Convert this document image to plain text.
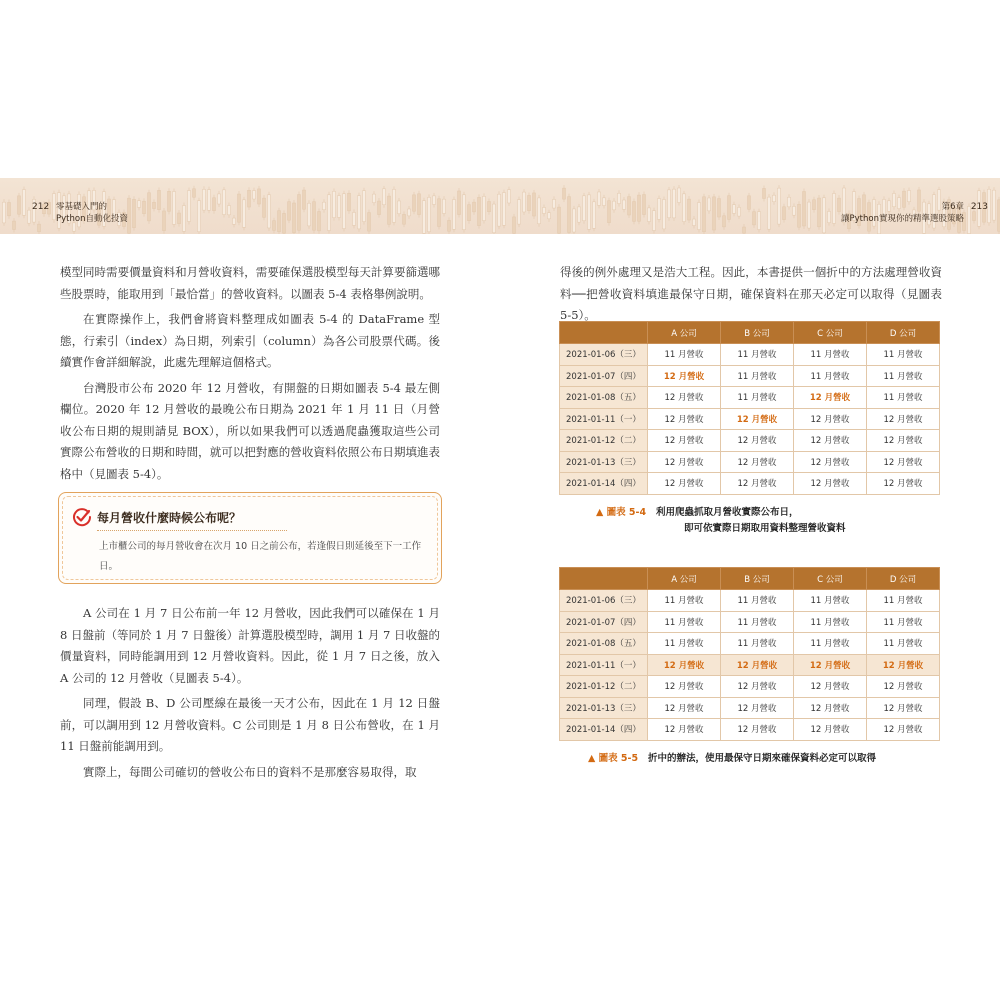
212 零基礎入門的
Python自動化投資
213
第6章
讓Python實現你的精準選股策略

模型同時需要價量資料和月營收資料，需要確保選股模型每天計算要篩選哪些股票時，能取用到「最恰當」的營收資料。以圖表 5-4 表格舉例說明。

在實際操作上，我們會將資料整理成如圖表 5-4 的 DataFrame 型態，行索引（index）為日期，列索引（column）為各公司股票代碼。後續實作會詳細解說，此處先理解這個格式。

台灣股市公布 2020 年 12 月營收，有開盤的日期如圖表 5-4 最左側欄位。2020 年 12 月營收的最晚公布日期為 2021 年 1 月 11 日（月營收公布日期的規則請見 BOX），所以如果我們可以透過爬蟲獲取這些公司實際公布營收的日期和時間，就可以把對應的營收資料依照公布日期填進表格中（見圖表 5-4）。

每月營收什麼時候公布呢？
上市櫃公司的每月營收會在次月 10 日之前公布，若逢假日則延後至下一工作日。

A 公司在 1 月 7 日公布前一年 12 月營收，因此我們可以確保在 1 月 8 日盤前（等同於 1 月 7 日盤後）計算選股模型時，調用 1 月 7 日收盤的價量資料，同時能調用到 12 月營收資料。因此，從 1 月 7 日之後，放入 A 公司的 12 月營收（見圖表 5-4）。

同理，假設 B、D 公司壓線在最後一天才公布，因此在 1 月 12 日盤前，可以調用到 12 月營收資料。C 公司則是 1 月 8 日公布營收，在 1 月 11 日盤前能調用到。

實際上，每間公司確切的營收公布日的資料不是那麼容易取得，取

得後的例外處理又是浩大工程。因此，本書提供一個折中的方法處理營收資料──把營收資料填進最保守日期，確保資料在那天必定可以取得（見圖表 5-5）。

	A 公司	B 公司	C 公司	D 公司
2021-01-06（三）	11 月營收	11 月營收	11 月營收	11 月營收
2021-01-07（四）	12 月營收	11 月營收	11 月營收	11 月營收
2021-01-08（五）	12 月營收	11 月營收	12 月營收	11 月營收
2021-01-11（一）	12 月營收	12 月營收	12 月營收	12 月營收
2021-01-12（二）	12 月營收	12 月營收	12 月營收	12 月營收
2021-01-13（三）	12 月營收	12 月營收	12 月營收	12 月營收
2021-01-14（四）	12 月營收	12 月營收	12 月營收	12 月營收
▲ 圖表 5-4 利用爬蟲抓取月營收實際公布日，
即可依實際日期取用資料整理營收資料
	A 公司	B 公司	C 公司	D 公司
2021-01-06（三）	11 月營收	11 月營收	11 月營收	11 月營收
2021-01-07（四）	11 月營收	11 月營收	11 月營收	11 月營收
2021-01-08（五）	11 月營收	11 月營收	11 月營收	11 月營收
2021-01-11（一）	12 月營收	12 月營收	12 月營收	12 月營收
2021-01-12（二）	12 月營收	12 月營收	12 月營收	12 月營收
2021-01-13（三）	12 月營收	12 月營收	12 月營收	12 月營收
2021-01-14（四）	12 月營收	12 月營收	12 月營收	12 月營收
▲ 圖表 5-5 折中的辦法，使用最保守日期來確保資料必定可以取得
